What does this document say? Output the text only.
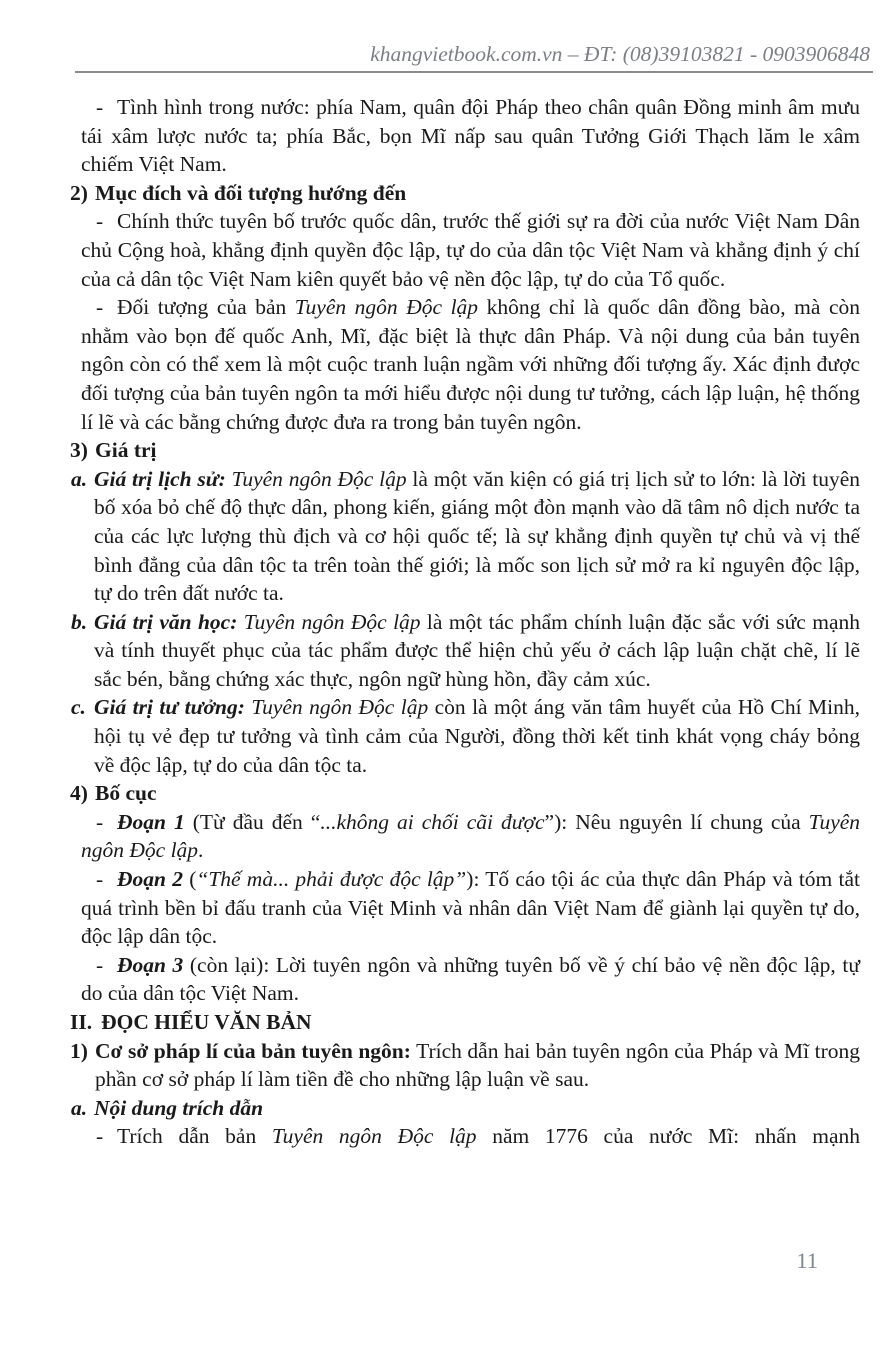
khangvietbook.com.vn – ĐT: (08)39103821 - 0903906848
- Tình hình trong nước: phía Nam, quân đội Pháp theo chân quân Đồng minh âm mưu tái xâm lược nước ta; phía Bắc, bọn Mĩ nấp sau quân Tưởng Giới Thạch lăm le xâm chiếm Việt Nam.
2) Mục đích và đối tượng hướng đến
- Chính thức tuyên bố trước quốc dân, trước thế giới sự ra đời của nước Việt Nam Dân chủ Cộng hoà, khẳng định quyền độc lập, tự do của dân tộc Việt Nam và khẳng định ý chí của cả dân tộc Việt Nam kiên quyết bảo vệ nền độc lập, tự do của Tổ quốc.
- Đối tượng của bản Tuyên ngôn Độc lập không chỉ là quốc dân đồng bào, mà còn nhằm vào bọn đế quốc Anh, Mĩ, đặc biệt là thực dân Pháp. Và nội dung của bản tuyên ngôn còn có thể xem là một cuộc tranh luận ngầm với những đối tượng ấy. Xác định được đối tượng của bản tuyên ngôn ta mới hiểu được nội dung tư tưởng, cách lập luận, hệ thống lí lẽ và các bằng chứng được đưa ra trong bản tuyên ngôn.
3) Giá trị
a. Giá trị lịch sử: Tuyên ngôn Độc lập là một văn kiện có giá trị lịch sử to lớn: là lời tuyên bố xóa bỏ chế độ thực dân, phong kiến, giáng một đòn mạnh vào dã tâm nô dịch nước ta của các lực lượng thù địch và cơ hội quốc tế; là sự khẳng định quyền tự chủ và vị thế bình đẳng của dân tộc ta trên toàn thế giới; là mốc son lịch sử mở ra kỉ nguyên độc lập, tự do trên đất nước ta.
b. Giá trị văn học: Tuyên ngôn Độc lập là một tác phẩm chính luận đặc sắc với sức mạnh và tính thuyết phục của tác phẩm được thể hiện chủ yếu ở cách lập luận chặt chẽ, lí lẽ sắc bén, bằng chứng xác thực, ngôn ngữ hùng hồn, đầy cảm xúc.
c. Giá trị tư tưởng: Tuyên ngôn Độc lập còn là một áng văn tâm huyết của Hồ Chí Minh, hội tụ vẻ đẹp tư tưởng và tình cảm của Người, đồng thời kết tinh khát vọng cháy bỏng về độc lập, tự do của dân tộc ta.
4) Bố cục
- Đoạn 1 (Từ đầu đến “...không ai chối cãi được”): Nêu nguyên lí chung của Tuyên ngôn Độc lập.
- Đoạn 2 (“Thế mà... phải được độc lập”): Tố cáo tội ác của thực dân Pháp và tóm tắt quá trình bền bỉ đấu tranh của Việt Minh và nhân dân Việt Nam để giành lại quyền tự do, độc lập dân tộc.
- Đoạn 3 (còn lại): Lời tuyên ngôn và những tuyên bố về ý chí bảo vệ nền độc lập, tự do của dân tộc Việt Nam.
II. ĐỌC HIỂU VĂN BẢN
1) Cơ sở pháp lí của bản tuyên ngôn: Trích dẫn hai bản tuyên ngôn của Pháp và Mĩ trong phần cơ sở pháp lí làm tiền đề cho những lập luận về sau.
a. Nội dung trích dẫn
- Trích dẫn bản Tuyên ngôn Độc lập năm 1776 của nước Mĩ: nhấn mạnh
11
